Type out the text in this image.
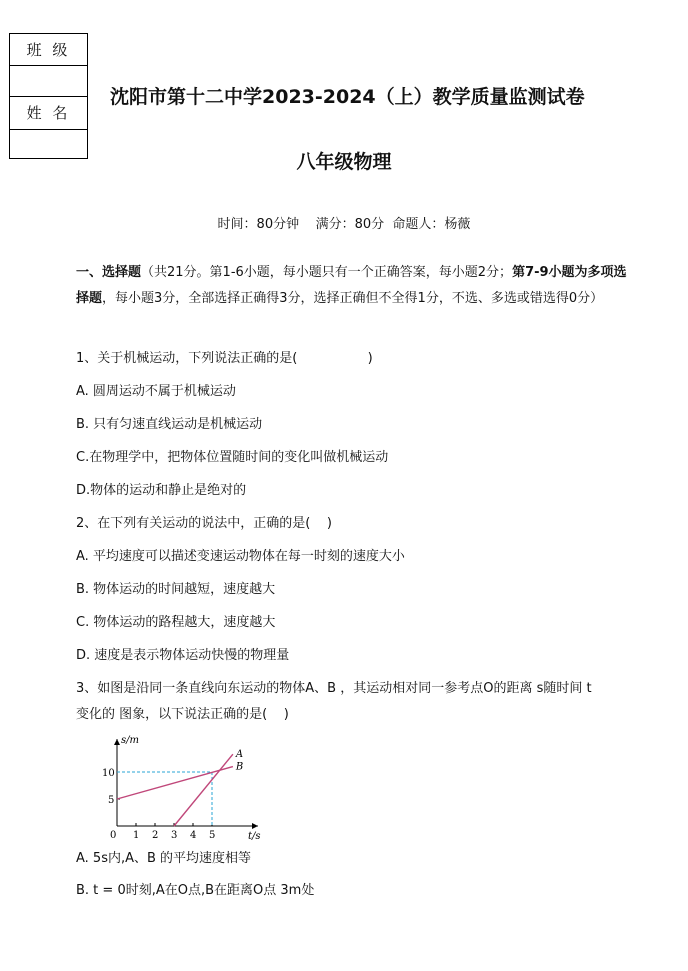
班 级
姓 名
沈阳市第十二中学2023-2024（上）教学质量监测试卷
八年级物理
时间：80分钟    满分：80分  命题人：杨薇
一、选择题（共21分。第1-6小题，每小题只有一个正确答案，每小题2分；第7-9小题为多项选择题，每小题3分，全部选择正确得3分，选择正确但不全得1分，不选、多选或错选得0分）
1、关于机械运动，下列说法正确的是(                 )
A. 圆周运动不属于机械运动
B. 只有匀速直线运动是机械运动
C.在物理学中，把物体位置随时间的变化叫做机械运动
D.物体的运动和静止是绝对的
2、在下列有关运动的说法中，正确的是(    )
A. 平均速度可以描述变速运动物体在每一时刻的速度大小
B. 物体运动的时间越短，速度越大
C. 物体运动的路程越大，速度越大
D. 速度是表示物体运动快慢的物理量
3、如图是沿同一条直线向东运动的物体A、B ，其运动相对同一参考点O的距离 s随时间 t
变化的 图象，以下说法正确的是(    )
s/m
t/s
0 1 2 3 4 5
5
10
A
B
A. 5s内,A、B 的平均速度相等
B. t = 0时刻,A在O点,B在距离O点 3m处
